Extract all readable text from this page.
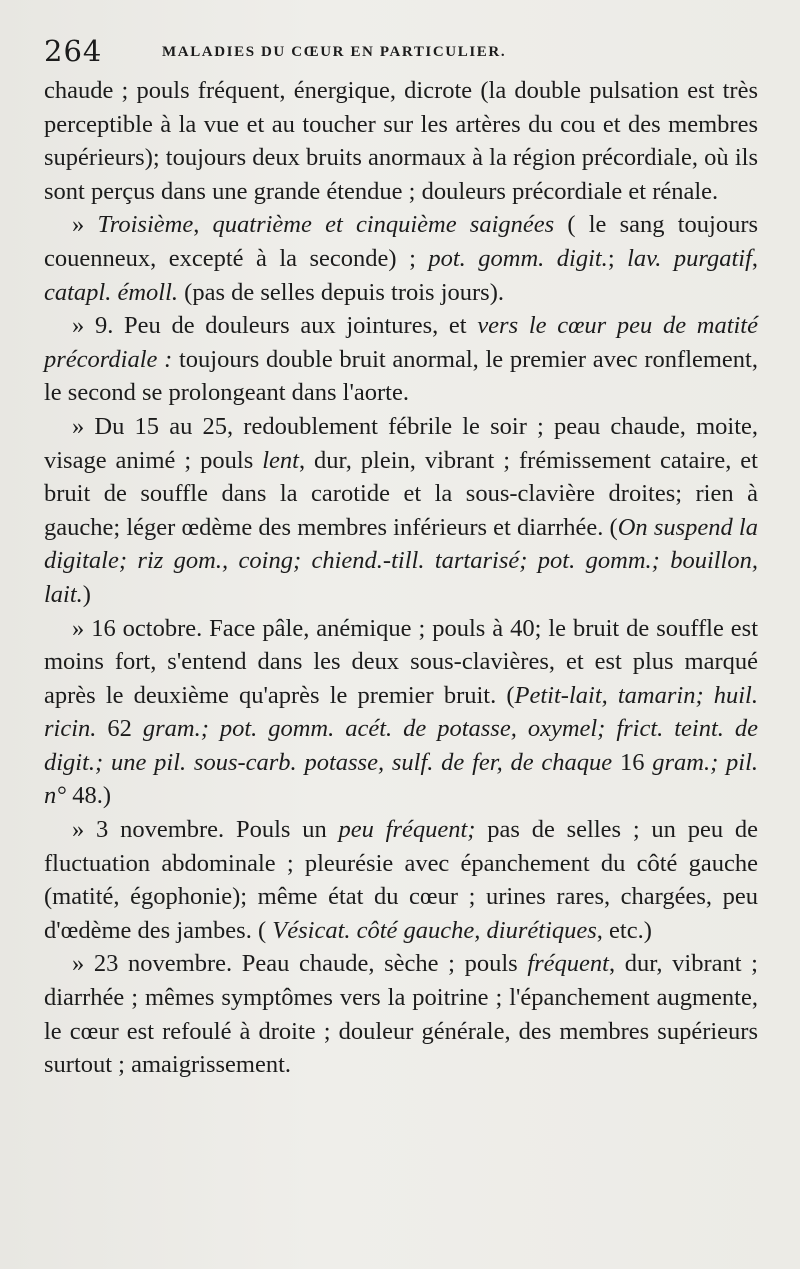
264	MALADIES DU CŒUR EN PARTICULIER.

chaude ; pouls fréquent, énergique, dicrote (la double pulsation est très perceptible à la vue et au toucher sur les artères du cou et des membres supérieurs); toujours deux bruits anormaux à la région précordiale, où ils sont perçus dans une grande étendue ; douleurs précordiale et rénale.

» Troisième, quatrième et cinquième saignées ( le sang toujours couenneux, excepté à la seconde) ; pot. gomm. digit.; lav. purgatif, catapl. émoll. (pas de selles depuis trois jours).

» 9. Peu de douleurs aux jointures, et vers le cœur peu de matité précordiale : toujours double bruit anormal, le premier avec ronflement, le second se prolongeant dans l'aorte.

» Du 15 au 25, redoublement fébrile le soir ; peau chaude, moite, visage animé ; pouls lent, dur, plein, vibrant ; frémissement cataire, et bruit de souffle dans la carotide et la sous-clavière droites; rien à gauche; léger œdème des membres inférieurs et diarrhée. (On suspend la digitale; riz gom., coing; chiend.-till. tartarisé; pot. gomm.; bouillon, lait.)

» 16 octobre. Face pâle, anémique ; pouls à 40; le bruit de souffle est moins fort, s'entend dans les deux sous-clavières, et est plus marqué après le deuxième qu'après le premier bruit. (Petit-lait, tamarin; huil. ricin. 62 gram.; pot. gomm. acét. de potasse, oxymel; frict. teint. de digit.; une pil. sous-carb. potasse, sulf. de fer, de chaque 16 gram.; pil. n° 48.)

» 3 novembre. Pouls un peu fréquent; pas de selles ; un peu de fluctuation abdominale ; pleurésie avec épanchement du côté gauche (matité, égophonie); même état du cœur ; urines rares, chargées, peu d'œdème des jambes. ( Vésicat. côté gauche, diurétiques, etc.)

» 23 novembre. Peau chaude, sèche ; pouls fréquent, dur, vibrant ; diarrhée ; mêmes symptômes vers la poitrine ; l'épanchement augmente, le cœur est refoulé à droite ; douleur générale, des membres supérieurs surtout ; amaigrissement.
